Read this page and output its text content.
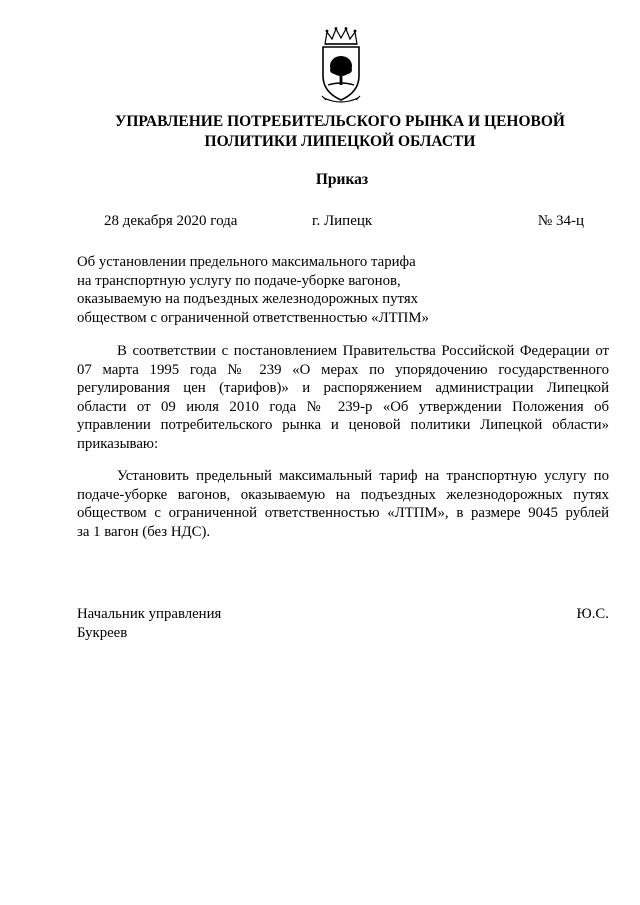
УПРАВЛЕНИЕ ПОТРЕБИТЕЛЬСКОГО РЫНКА И ЦЕНОВОЙ
ПОЛИТИКИ ЛИПЕЦКОЙ ОБЛАСТИ
Приказ
28 декабря 2020 года	г. Липецк	№ 34-ц
Об установлении предельного максимального тарифа
на транспортную услугу по подаче-уборке вагонов,
оказываемую на подъездных железнодорожных путях
обществом с ограниченной ответственностью «ЛТПМ»
В соответствии с постановлением Правительства Российской Федерации от
07 марта 1995 года № 239 «О мерах по упорядочению государственного
регулирования цен (тарифов)» и распоряжением администрации Липецкой
области от 09 июля 2010 года № 239-р «Об утверждении Положения об
управлении потребительского рынка и ценовой политики Липецкой области»
приказываю:
Установить предельный максимальный тариф на транспортную услугу по
подаче-уборке вагонов, оказываемую на подъездных железнодорожных путях
обществом с ограниченной ответственностью «ЛТПМ», в размере 9045 рублей
за 1 вагон (без НДС).
Начальник управления
Букреев
Ю.С.
